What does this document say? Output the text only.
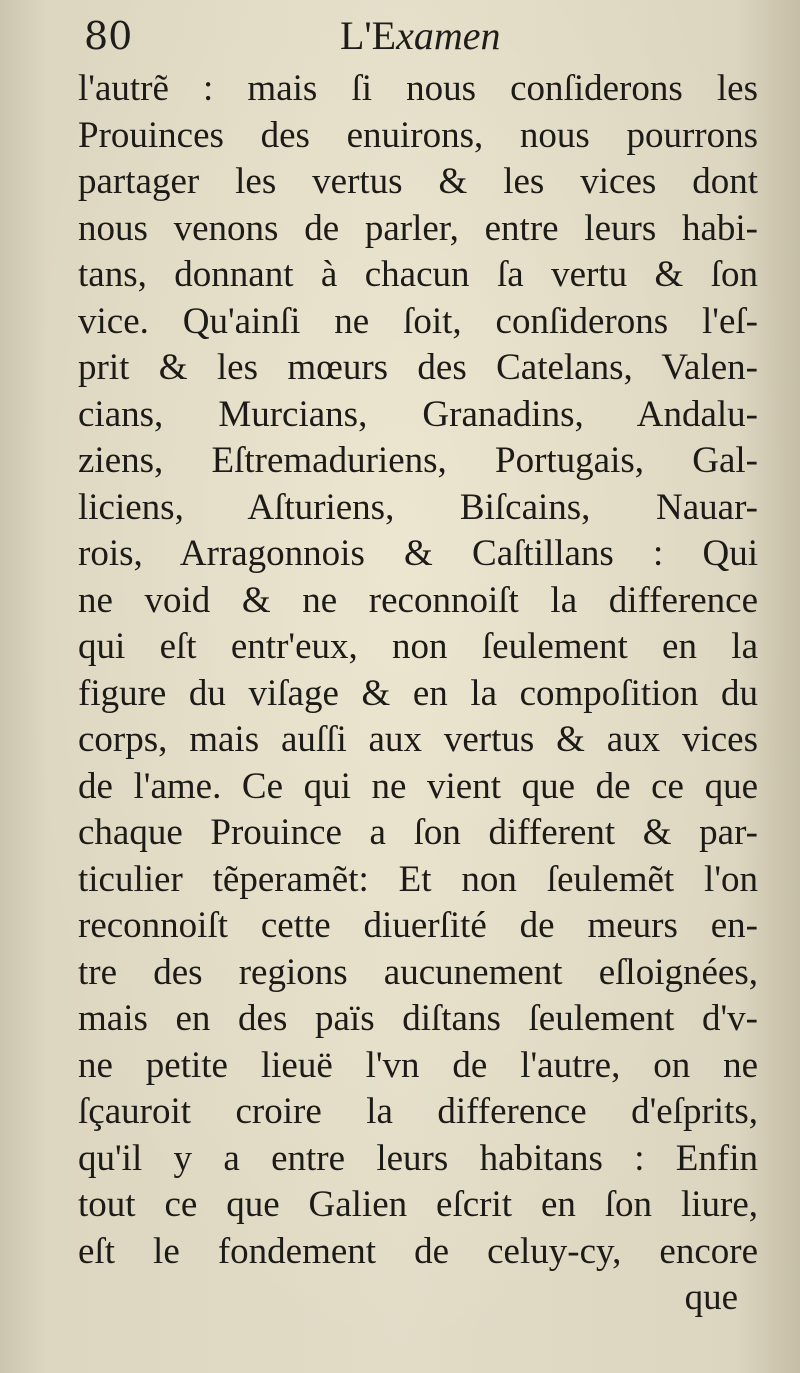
80	L'Examen
l'autrẽ : mais ſi nous conſiderons les
Prouinces des enuirons, nous pourrons
partager les vertus & les vices dont
nous venons de parler, entre leurs habi-
tans, donnant à chacun ſa vertu & ſon
vice. Qu'ainſi ne ſoit, conſiderons l'eſ-
prit & les mœurs des Catelans, Valen-
cians, Murcians, Granadins, Andalu-
ziens, Eſtremaduriens, Portugais, Gal-
liciens, Aſturiens, Biſcains, Nauar-
rois, Arragonnois & Caſtillans : Qui
ne void & ne reconnoiſt la difference
qui eſt entr'eux, non ſeulement en la
figure du viſage & en la compoſition du
corps, mais auſſi aux vertus & aux vices
de l'ame. Ce qui ne vient que de ce que
chaque Prouince a ſon different & par-
ticulier tẽperamẽt: Et non ſeulemẽt l'on
reconnoiſt cette diuerſité de meurs en-
tre des regions aucunement eſloignées,
mais en des païs diſtans ſeulement d'v-
ne petite lieuë l'vn de l'autre, on ne
ſçauroit croire la difference d'eſprits,
qu'il y a entre leurs habitans : Enfin
tout ce que Galien eſcrit en ſon liure,
eſt le fondement de celuy-cy, encore
que
